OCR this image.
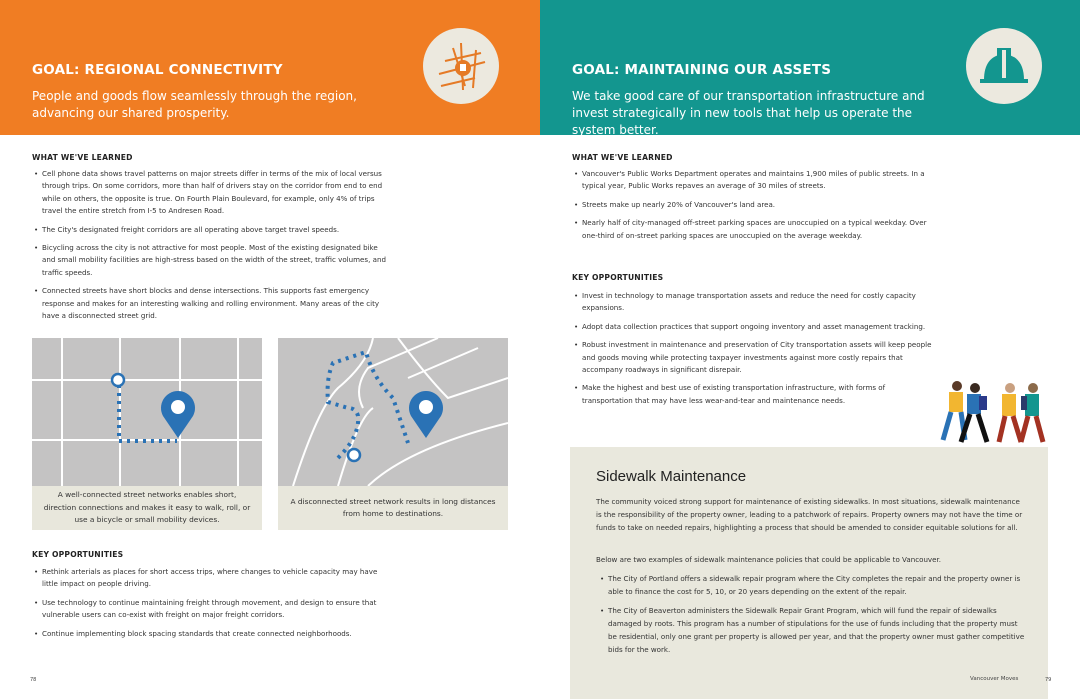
GOAL: REGIONAL CONNECTIVITY
People and goods flow seamlessly through the region, advancing our shared prosperity.
GOAL: MAINTAINING OUR ASSETS
We take good care of our transportation infrastructure and invest strategically in new tools that help us operate the system better.
WHAT WE'VE LEARNED
• Cell phone data shows travel patterns on major streets differ in terms of the mix of local versus through trips. On some corridors, more than half of drivers stay on the corridor from end to end while on others, the opposite is true. On Fourth Plain Boulevard, for example, only 4% of trips travel the entire stretch from I-5 to Andresen Road.
• The City's designated freight corridors are all operating above target travel speeds.
• Bicycling across the city is not attractive for most people. Most of the existing designated bike and small mobility facilities are high-stress based on the width of the street, traffic volumes, and traffic speeds.
• Connected streets have short blocks and dense intersections. This supports fast emergency response and makes for an interesting walking and rolling environment. Many areas of the city have a disconnected street grid.
A well-connected street networks enables short, direction connections and makes it easy to walk, roll, or use a bicycle or small mobility devices.
A disconnected street network results in long distances from home to destinations.
KEY OPPORTUNITIES
• Rethink arterials as places for short access trips, where changes to vehicle capacity may have little impact on people driving.
• Use technology to continue maintaining freight through movement, and design to ensure that vulnerable users can co-exist with freight on major freight corridors.
• Continue implementing block spacing standards that create connected neighborhoods.
78
WHAT WE'VE LEARNED
• Vancouver's Public Works Department operates and maintains 1,900 miles of public streets. In a typical year, Public Works repaves an average of 30 miles of streets.
• Streets make up nearly 20% of Vancouver's land area.
• Nearly half of city-managed off-street parking spaces are unoccupied on a typical weekday. Over one-third of on-street parking spaces are unoccupied on the average weekday.
KEY OPPORTUNITIES
• Invest in technology to manage transportation assets and reduce the need for costly capacity expansions.
• Adopt data collection practices that support ongoing inventory and asset management tracking.
• Robust investment in maintenance and preservation of City transportation assets will keep people and goods moving while protecting taxpayer investments against more costly repairs that accompany roadways in significant disrepair.
• Make the highest and best use of existing transportation infrastructure, with forms of transportation that may have less wear-and-tear and maintenance needs.
Sidewalk Maintenance

The community voiced strong support for maintenance of existing sidewalks. In most situations, sidewalk maintenance is the responsibility of the property owner, leading to a patchwork of repairs. Property owners may not have the time or funds to take on needed repairs, highlighting a process that should be amended to consider equitable solutions for all.

Below are two examples of sidewalk maintenance policies that could be applicable to Vancouver.

• The City of Portland offers a sidewalk repair program where the City completes the repair and the property owner is able to finance the cost for 5, 10, or 20 years depending on the extent of the repair.
• The City of Beaverton administers the Sidewalk Repair Grant Program, which will fund the repair of sidewalks damaged by roots. This program has a number of stipulations for the use of funds including that the property must be residential, only one grant per property is allowed per year, and that the property owner must gather competitive bids for the work.
Vancouver Moves	79
